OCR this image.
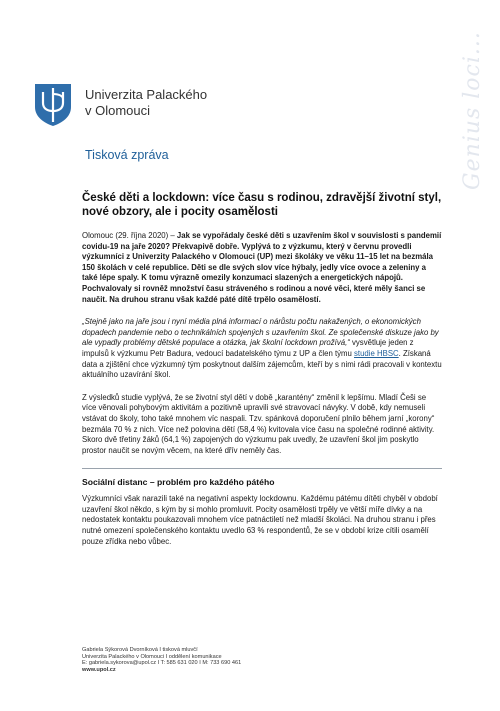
Univerzita Palackého
v Olomouci	Genius loci...
Tisková zpráva
České děti a lockdown: více času s rodinou, zdravější životní styl, nové obzory, ale i pocity osamělosti

Olomouc (29. října 2020) – Jak se vypořádaly české děti s uzavřením škol v souvislosti s pandemií covidu-19 na jaře 2020? Překvapivě dobře. Vyplývá to z výzkumu, který v červnu provedli výzkumníci z Univerzity Palackého v Olomouci (UP) mezi školáky ve věku 11–15 let na bezmála 150 školách v celé republice. Děti se dle svých slov více hýbaly, jedly více ovoce a zeleniny a také lépe spaly. K tomu výrazně omezily konzumaci slazených a energetických nápojů. Pochvalovaly si rovněž množství času stráveného s rodinou a nové věci, které měly šanci se naučit. Na druhou stranu však každé páté dítě trpělo osamělostí.

„Stejně jako na jaře jsou i nyní média plná informací o nárůstu počtu nakažených, o ekonomických dopadech pandemie nebo o technikálních spojených s uzavřením škol. Ze společenské diskuze jako by ale vypadly problémy dětské populace a otázka, jak školní lockdown prožívá,“ vysvětluje jeden z impulsů k výzkumu Petr Badura, vedoucí badatelského týmu z UP a člen týmu studie HBSC. Získaná data a zjištění chce výzkumný tým poskytnout dalším zájemcům, kteří by s nimi rádi pracovali v kontextu aktuálního uzavírání škol.

Z výsledků studie vyplývá, že se životní styl dětí v době „karantény“ změnil k lepšímu. Mladí Češi se více věnovali pohybovým aktivitám a pozitivně upravili své stravovací návyky. V době, kdy nemuseli vstávat do školy, toho také mnohem víc naspali. Tzv. spánková doporučení plnilo během jarní „korony“ bezmála 70 % z nich. Více než polovina dětí (58,4 %) kvitovala více času na společné rodinné aktivity. Skoro dvě třetiny žáků (64,1 %) zapojených do výzkumu pak uvedly, že uzavření škol jim poskytlo prostor naučit se novým věcem, na které dřív neměly čas.

Sociální distanc – problém pro každého pátého

Výzkumníci však narazili také na negativní aspekty lockdownu. Každému pátému dítěti chyběl v období uzavření škol někdo, s kým by si mohlo promluvit. Pocity osamělosti trpěly ve větší míře dívky a na nedostatek kontaktu poukazovali mnohem více patnáctiletí než mladší školáci. Na druhou stranu i přes nutné omezení společenského kontaktu uvedlo 63 % respondentů, že se v období krize cítili osamělí pouze zřídka nebo vůbec.

Gabriela Sýkorová Dvorníková I tisková mluvčí
Univerzita Palackého v Olomouci I oddělení komunikace
E: gabriela.sykorova@upol.cz I T: 585 631 020 I M: 733 690 461
www.upol.cz
